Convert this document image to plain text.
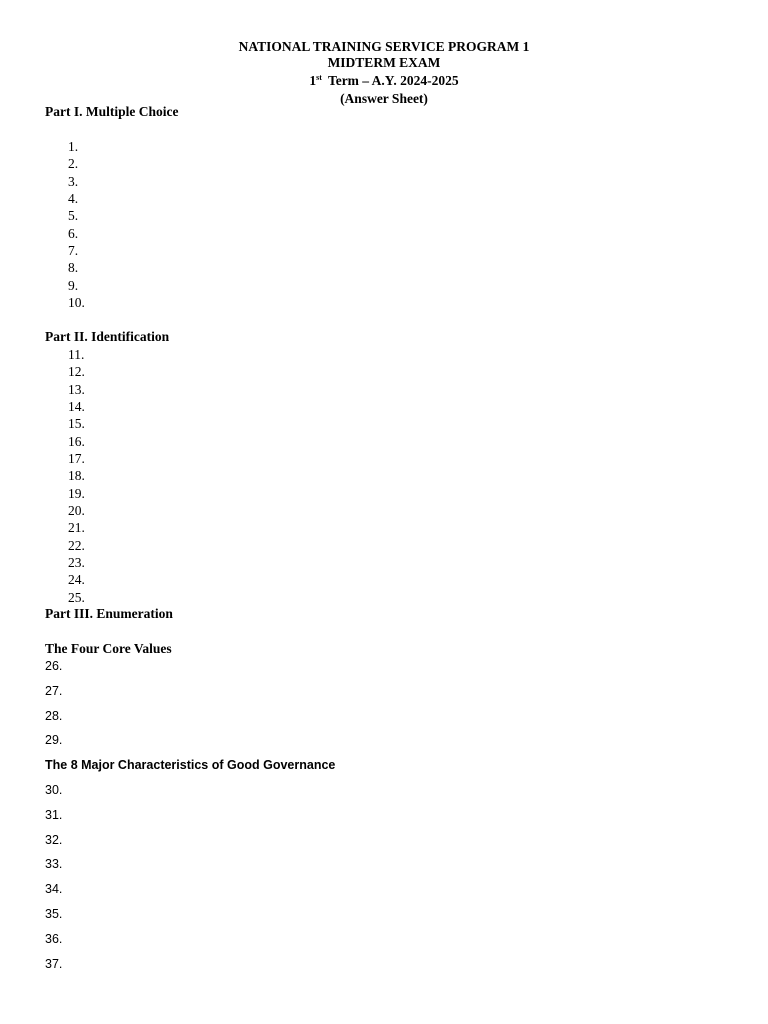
NATIONAL TRAINING SERVICE PROGRAM 1
MIDTERM EXAM
1st Term – A.Y. 2024-2025
(Answer Sheet)
Part I. Multiple Choice
1.
2.
3.
4.
5.
6.
7.
8.
9.
10.
Part II. Identification
11.
12.
13.
14.
15.
16.
17.
18.
19.
20.
21.
22.
23.
24.
25.
Part III. Enumeration
The Four Core Values
26.
27.
28.
29.
The 8 Major Characteristics of Good Governance
30.
31.
32.
33.
34.
35.
36.
37.
